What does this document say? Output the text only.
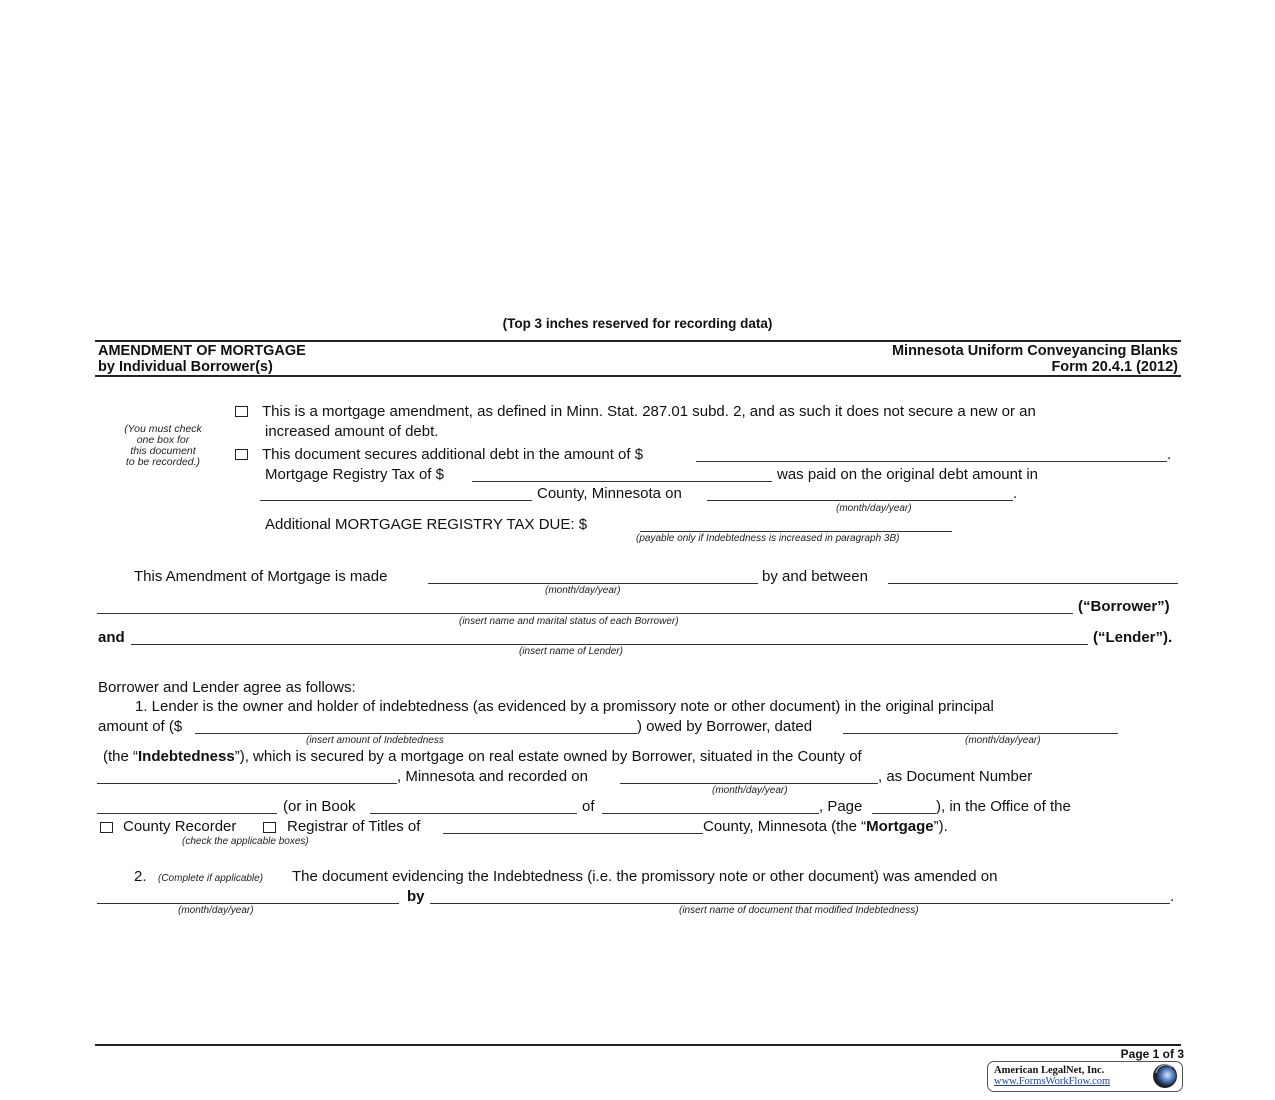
(Top 3 inches reserved for recording data)
AMENDMENT OF MORTGAGE
by Individual Borrower(s)
Minnesota Uniform Conveyancing Blanks
Form 20.4.1 (2012)
(You must check
one box for
this document
to be recorded.)
This is a mortgage amendment, as defined in Minn. Stat. 287.01 subd. 2, and as such it does not secure a new or an
increased amount of debt.
This document secures additional debt in the amount of $	.
Mortgage Registry Tax of $	was paid on the original debt amount in
County, Minnesota on	.
(month/day/year)
Additional MORTGAGE REGISTRY TAX DUE: $
(payable only if Indebtedness is increased in paragraph 3B)
This Amendment of Mortgage is made
(month/day/year)
by and between
(“Borrower”)
(insert name and marital status of each Borrower)
and	(“Lender”).
(insert name of Lender)
Borrower and Lender agree as follows:
1. Lender is the owner and holder of indebtedness (as evidenced by a promissory note or other document) in the original principal
amount of ($	) owed by Borrower, dated
(insert amount of Indebtedness	(month/day/year)
(the “Indebtedness”), which is secured by a mortgage on real estate owned by Borrower, situated in the County of
, Minnesota and recorded on	, as Document Number
(month/day/year)
(or in Book	of	, Page	), in the Office of the
County Recorder	Registrar of Titles of	County, Minnesota (the “Mortgage”).
(check the applicable boxes)
2. (Complete if applicable) The document evidencing the Indebtedness (i.e. the promissory note or other document) was amended on
by	.
(month/day/year)	(insert name of document that modified Indebtedness)
Page 1 of 3
American LegalNet, Inc.
www.FormsWorkFlow.com
